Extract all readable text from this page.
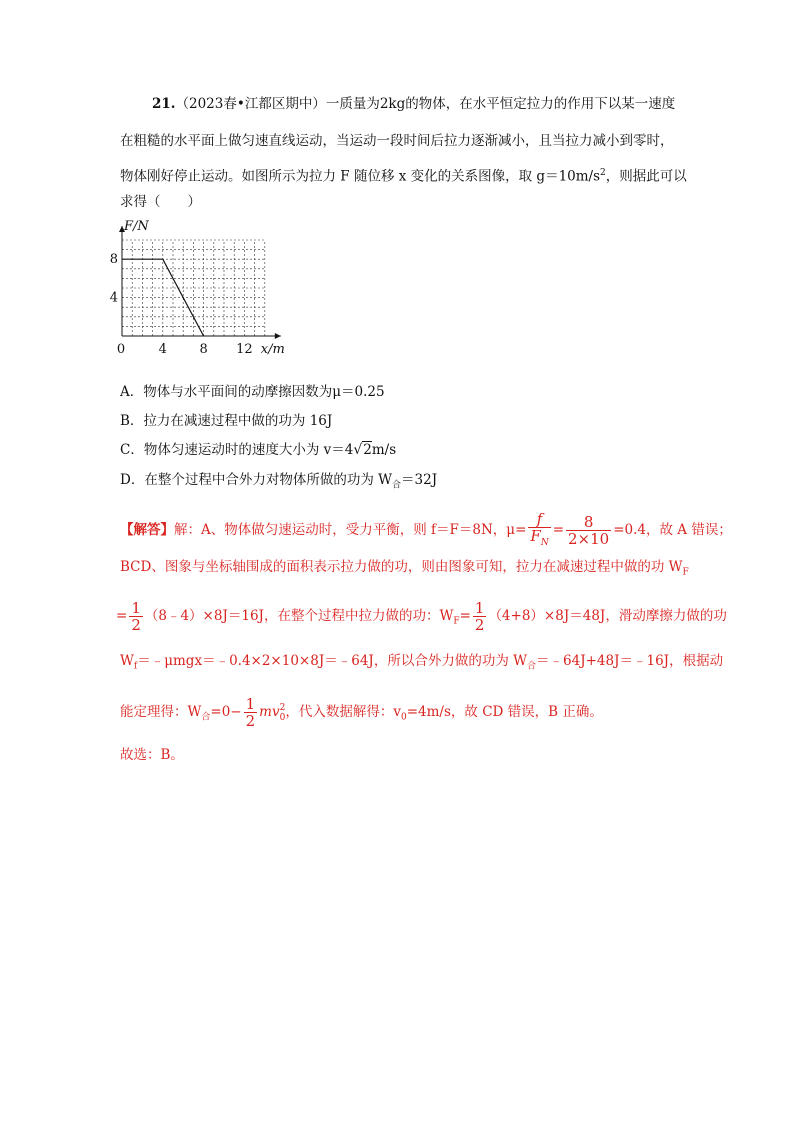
21.（2023春•江都区期中）一质量为2kg的物体，在水平恒定拉力的作用下以某一速度
在粗糙的水平面上做匀速直线运动，当运动一段时间后拉力逐渐减小，且当拉力减小到零时，
物体刚好停止运动。如图所示为拉力 F 随位移 x 变化的关系图像，取 $g=10m/s^2$，则据此可以
求得（　　）
0
8
4
4	8 12
F/N
x/m
A．物体与水平面间的动摩擦因数为μ＝0.25
B．拉力在减速过程中做的功为 16J
C．物体匀速运动时的速度大小为 v＝4√2m/s
D．在整个过程中合外力对物体所做的功为 $W_合=32J$
【解答】解：A、物体做匀速运动时，受力平衡，则 f＝F＝8N，$\mu= \frac{f}{F_N} = \frac{8}{2\times 10} =0.4$，故 A 错误；
BCD、图象与坐标轴围成的面积表示拉力做的功，则由图象可知，拉力在减速过程中做的功 $W_F$
= $\frac{1}{2}$ （8﹣4）×8J＝16J，在整个过程中拉力做的功：$W_F= \frac{1}{2} (4+8)\times 8J=48J$，滑动摩擦力做的功
$W_f=﹣\mu mgx=﹣0.4\times 2\times 10\times 8J=﹣64J$，所以合外力做的功为 $W_合=﹣64J+48J=﹣16J$，根据动
能定理得：$W_合=0- \frac{1}{2}$ mv 2
0 ，代入数据解得：$v_0=4m/s$，故 CD 错误，B 正确。
故选：B。
